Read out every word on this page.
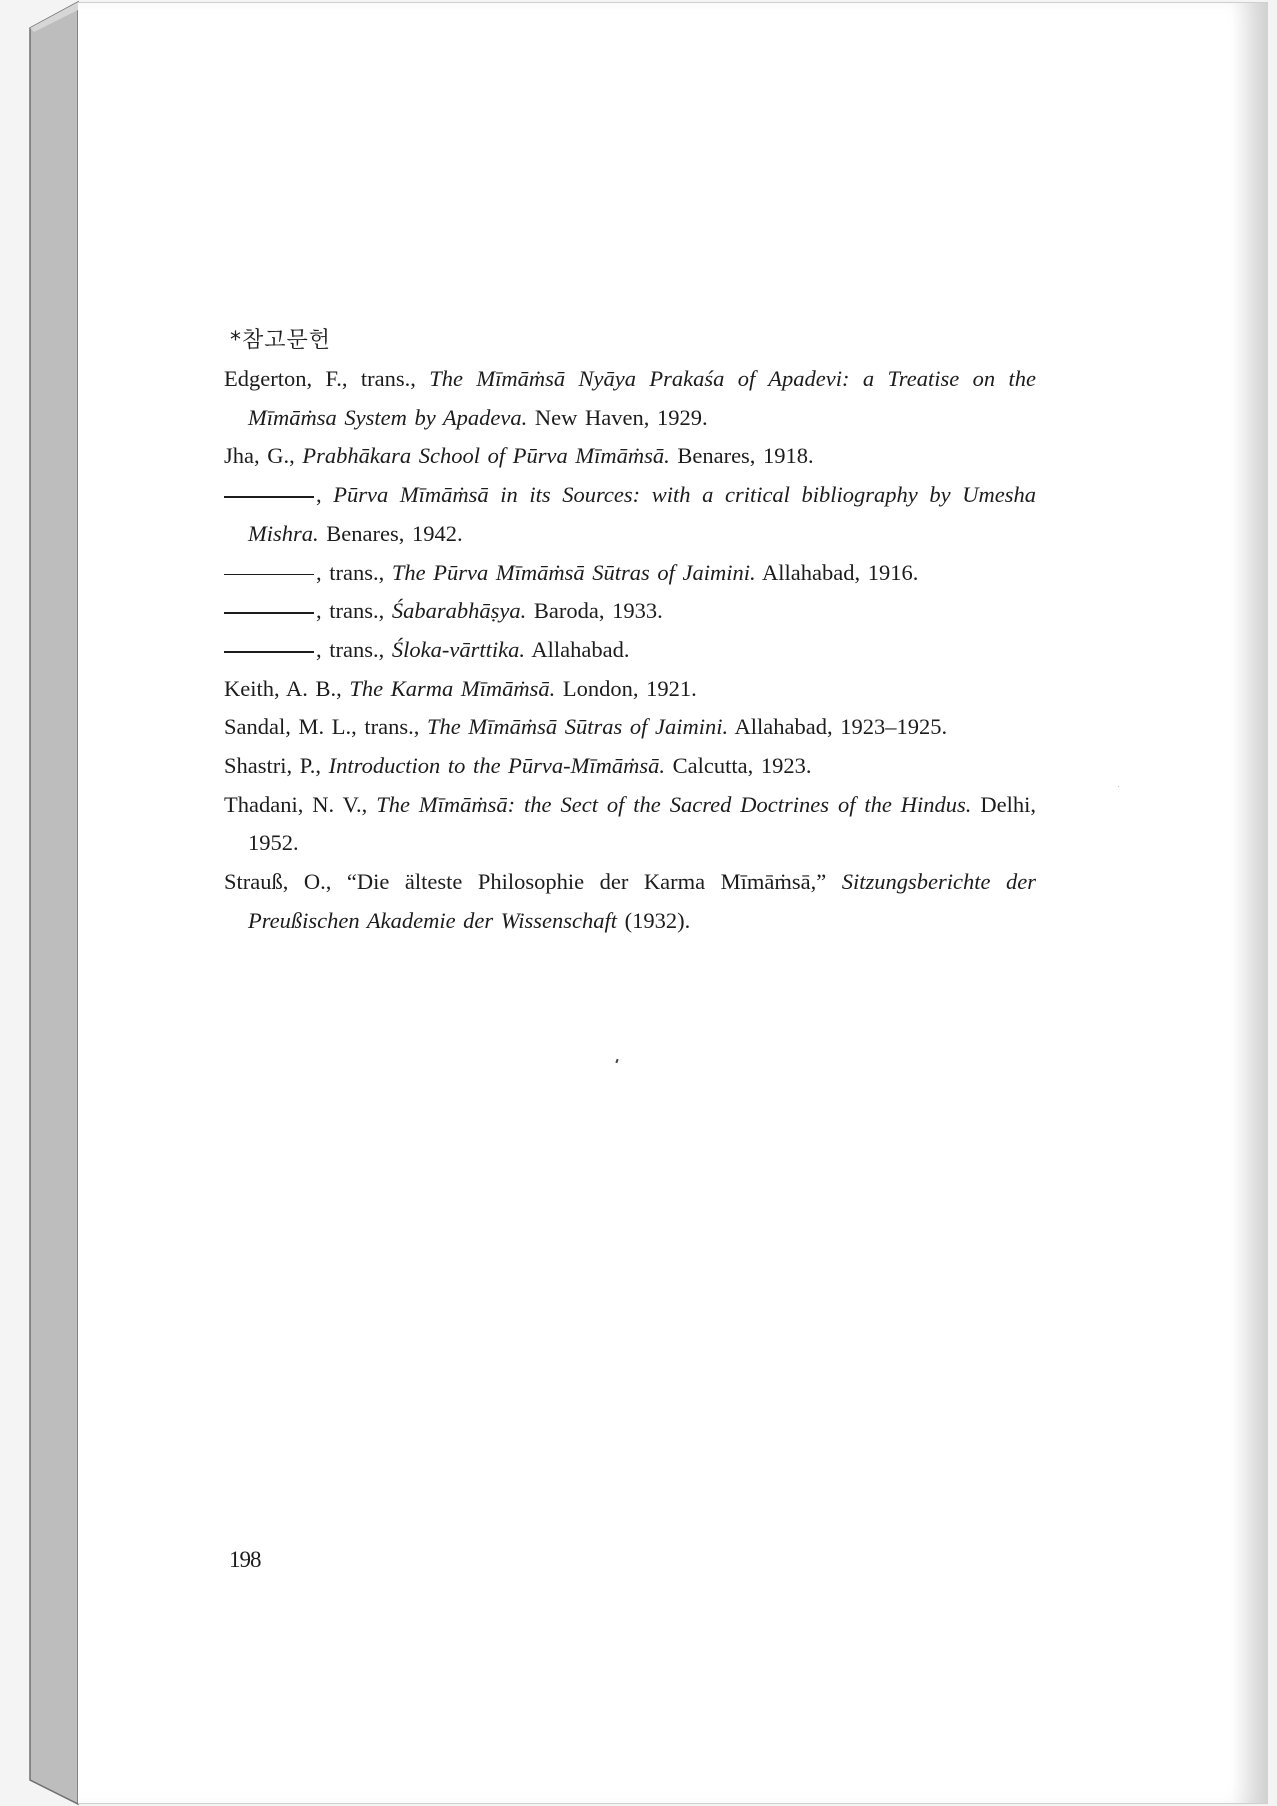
*참고문헌
Edgerton, F., trans., The Mīmāṁsā Nyāya Prakaśa of Apadevi: a Treatise on the Mīmāṁsa System by Apadeva. New Haven, 1929.
Jha, G., Prabhākara School of Pūrva Mīmāṁsā. Benares, 1918.
, Pūrva Mīmāṁsā in its Sources: with a critical bibliography by Umesha Mishra. Benares, 1942.
, trans., The Pūrva Mīmāṁsā Sūtras of Jaimini. Allahabad, 1916.
, trans., Śabarabhāṣya. Baroda, 1933.
, trans., Śloka-vārttika. Allahabad.
Keith, A. B., The Karma Mīmāṁsā. London, 1921.
Sandal, M. L., trans., The Mīmāṁsā Sūtras of Jaimini. Allahabad, 1923–1925.
Shastri, P., Introduction to the Pūrva-Mīmāṁsā. Calcutta, 1923.
Thadani, N. V., The Mīmāṁsā: the Sect of the Sacred Doctrines of the Hindus. Delhi, 1952.
Strauß, O., “Die älteste Philosophie der Karma Mīmāṁsā,” Sitzungsberichte der Preußischen Akademie der Wissenschaft (1932).
198
